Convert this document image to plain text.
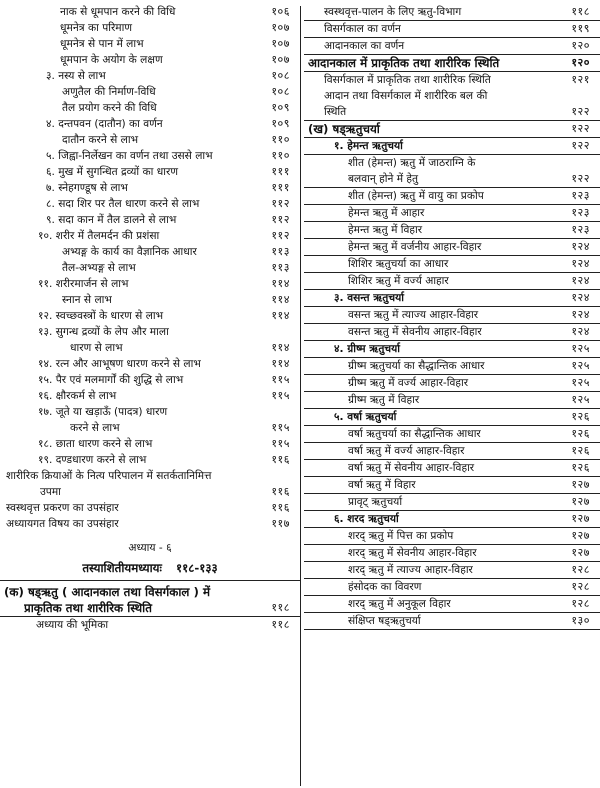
नाक से धूमपान करने की विधि	१०६
धूमनेत्र का परिमाण	१०७
धूमनेत्र से पान में लाभ	१०७
धूमपान के अयोग के लक्षण	१०७
३. नस्य से लाभ	१०८
अणुतैल की निर्माण-विधि	१०८
तैल प्रयोग करने की विधि	१०९
४. दन्तपवन (दातौन) का वर्णन	१०९
दातौन करने से लाभ	११०
५. जिह्वा-निर्लेखन का वर्णन तथा उससे लाभ	११०
६. मुख में सुगन्धित द्रव्यों का धारण	१११
७. स्नेहगण्डूष से लाभ	१११
८. सदा शिर पर तैल धारण करने से लाभ	११२
९. सदा कान में तैल डालने से लाभ	११२
१०. शरीर में तैलमर्दन की प्रशंसा	११२
अभ्यङ्ग के कार्य का वैज्ञानिक आधार	११३
तैल-अभ्यङ्ग से लाभ	११३
११. शरीरमार्जन से लाभ	११४
स्नान से लाभ	११४
१२. स्वच्छवस्त्रों के धारण से लाभ	११४
१३. सुगन्ध द्रव्यों के लेप और माला
धारण से लाभ	११४
१४. रत्न और आभूषण धारण करने से लाभ	११४
१५. पैर एवं मलमार्गों की शुद्धि से लाभ	११५
१६. क्षौरकर्म से लाभ	११५
१७. जूते या खड़ाऊँ (पादत्र) धारण
करने से लाभ	११५
१८. छाता धारण करने से लाभ	११५
१९. दण्डधारण करने से लाभ	११६
शारीरिक क्रियाओं के नित्य परिपालन में सतर्कतानिमित्त
उपमा	११६
स्वस्थवृत्त प्रकरण का उपसंहार	११६
अध्यायगत विषय का उपसंहार	११७
अध्याय - ६
तस्याशितीयमध्यायः ११८-१३३
(क) षड्ऋतु ( आदानकाल तथा विसर्गकाल ) में
प्राकृतिक तथा शारीरिक स्थिति	११८
अध्याय की भूमिका	११८
स्वस्थवृत्त-पालन के लिए ऋतु-विभाग	११८
विसर्गकाल का वर्णन	११९
आदानकाल का वर्णन	१२०
आदानकाल में प्राकृतिक तथा शारीरिक स्थिति	१२०
विसर्गकाल में प्राकृतिक तथा शारीरिक स्थिति	१२१
आदान तथा विसर्गकाल में शारीरिक बल की
स्थिति	१२२
(ख) षड्ऋतुचर्या	१२२
१. हेमन्त ऋतुचर्या	१२२
शीत (हेमन्त) ऋतु में जाठराग्नि के
बलवान् होने में हेतु	१२२
शीत (हेमन्त) ऋतु में वायु का प्रकोप	१२३
हेमन्त ऋतु में आहार	१२३
हेमन्त ऋतु में विहार	१२३
हेमन्त ऋतु में वर्जनीय आहार-विहार	१२४
शिशिर ऋतुचर्या का आधार	१२४
शिशिर ऋतु में वर्ज्य आहार	१२४
३. वसन्त ऋतुचर्या	१२४
वसन्त ऋतु में त्याज्य आहार-विहार	१२४
वसन्त ऋतु में सेवनीय आहार-विहार	१२४
४. ग्रीष्म ऋतुचर्या	१२५
ग्रीष्म ऋतुचर्या का सैद्धान्तिक आधार	१२५
ग्रीष्म ऋतु में वर्ज्य आहार-विहार	१२५
ग्रीष्म ऋतु में विहार	१२५
५. वर्षा ऋतुचर्या	१२६
वर्षा ऋतुचर्या का सैद्धान्तिक आधार	१२६
वर्षा ऋतु में वर्ज्य आहार-विहार	१२६
वर्षा ऋतु में सेवनीय आहार-विहार	१२६
वर्षा ऋतु में विहार	१२७
प्रावृट् ऋतुचर्या	१२७
६. शरद ऋतुचर्या	१२७
शरद् ऋतु में पित्त का प्रकोप	१२७
शरद् ऋतु में सेवनीय आहार-विहार	१२७
शरद् ऋतु में त्याज्य आहार-विहार	१२८
हंसोदक का विवरण	१२८
शरद् ऋतु में अनुकूल विहार	१२८
संक्षिप्त षड्ऋतुचर्या	१३०
